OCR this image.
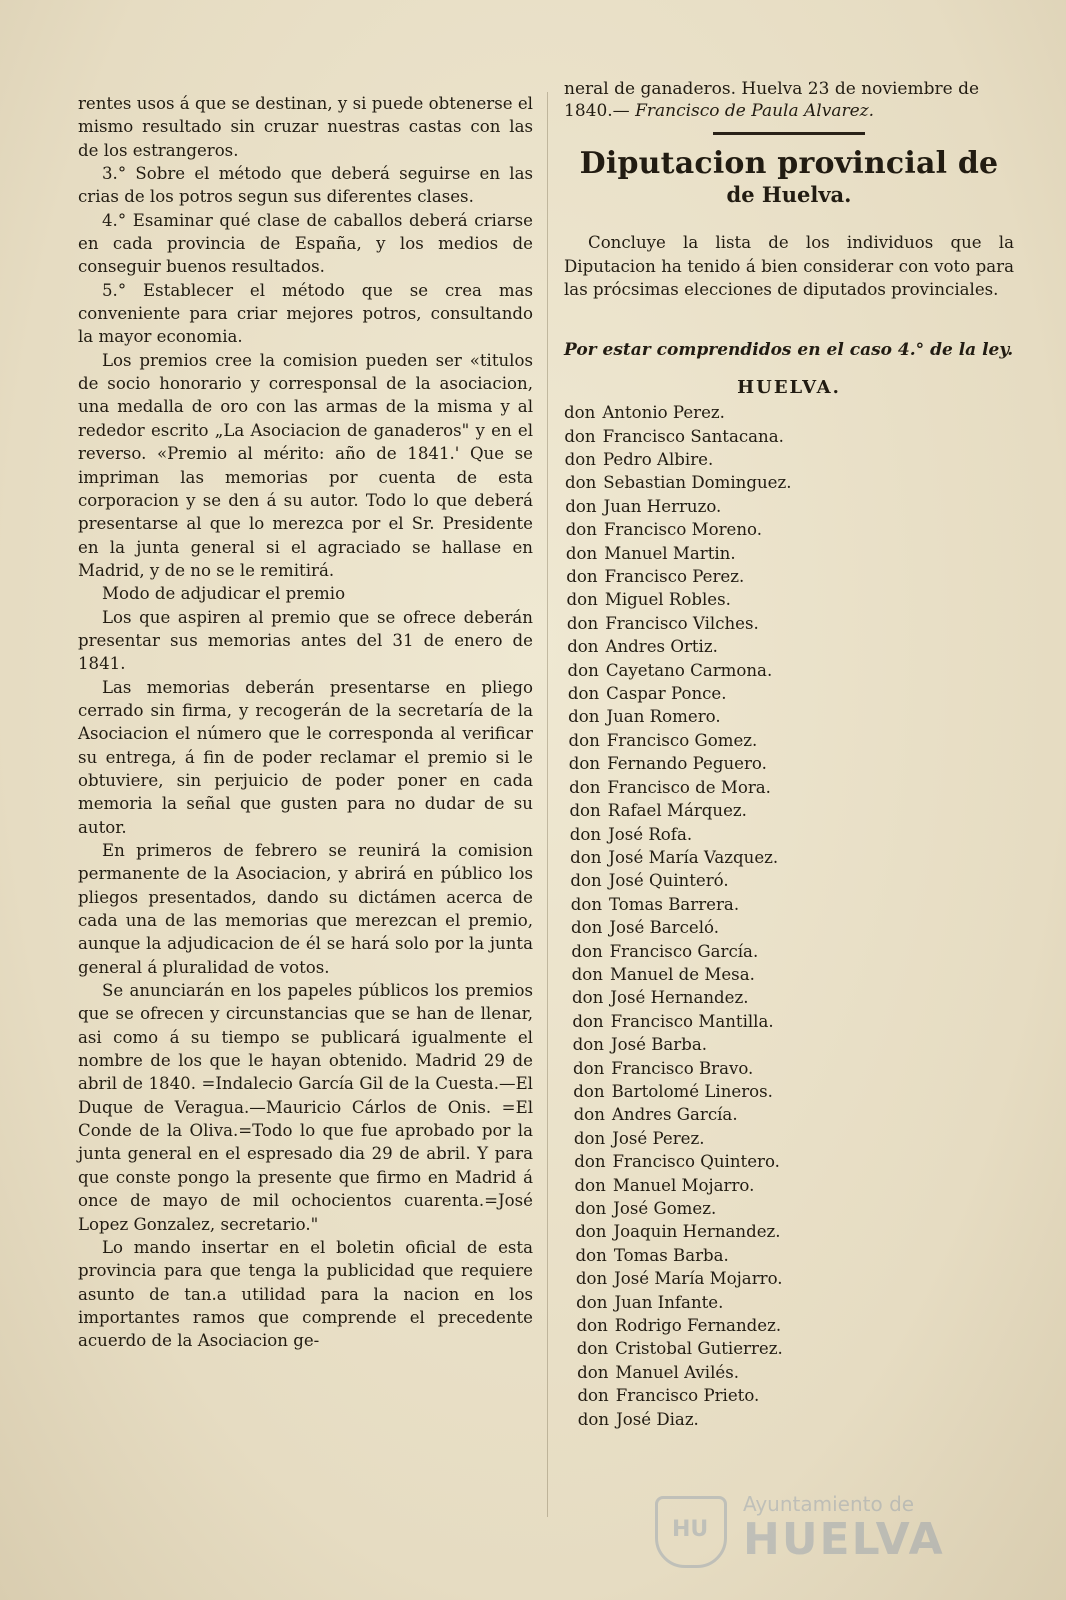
rentes usos á que se destinan, y si puede obtenerse el mismo resultado sin cruzar nuestras castas con las de los estrangeros.

3.° Sobre el método que deberá seguirse en las crias de los potros segun sus diferentes clases.

4.° Esaminar qué clase de caballos deberá criarse en cada provincia de España, y los medios de conseguir buenos resultados.

5.° Establecer el método que se crea mas conveniente para criar mejores potros, consultando la mayor economia.

Los premios cree la comision pueden ser «titulos de socio honorario y corresponsal de la asociacion, una medalla de oro con las armas de la misma y al rededor escrito „La Asociacion de ganaderos" y en el reverso. «Premio al mérito: año de 1841.' Que se impriman las memorias por cuenta de esta corporacion y se den á su autor. Todo lo que deberá presentarse al que lo merezca por el Sr. Presidente en la junta general si el agraciado se hallase en Madrid, y de no se le remitirá.

Modo de adjudicar el premio

Los que aspiren al premio que se ofrece deberán presentar sus memorias antes del 31 de enero de 1841.

Las memorias deberán presentarse en pliego cerrado sin firma, y recogerán de la secretaría de la Asociacion el número que le corresponda al verificar su entrega, á fin de poder reclamar el premio si le obtuviere, sin perjuicio de poder poner en cada memoria la señal que gusten para no dudar de su autor.

En primeros de febrero se reunirá la comision permanente de la Asociacion, y abrirá en público los pliegos presentados, dando su dictámen acerca de cada una de las memorias que merezcan el premio, aunque la adjudicacion de él se hará solo por la junta general á pluralidad de votos.

Se anunciarán en los papeles públicos los premios que se ofrecen y circunstancias que se han de llenar, asi como á su tiempo se publicará igualmente el nombre de los que le hayan obtenido. Madrid 29 de abril de 1840. =Indalecio García Gil de la Cuesta.—El Duque de Veragua.—Mauricio Cárlos de Onis. =El Conde de la Oliva.=Todo lo que fue aprobado por la junta general en el espresado dia 29 de abril. Y para que conste pongo la presente que firmo en Madrid á once de mayo de mil ochocientos cuarenta.=José Lopez Gonzalez, secretario."

Lo mando insertar en el boletin oficial de esta provincia para que tenga la publicidad que requiere asunto de tan.a utilidad para la nacion en los importantes ramos que comprende el precedente acuerdo de la Asociacion ge-

neral de ganaderos. Huelva 23 de noviembre de 1840.— Francisco de Paula Alvarez.

Diputacion provincial de
de Huelva.

Concluye la lista de los individuos que la Diputacion ha tenido á bien considerar con voto para las prócsimas elecciones de diputados provinciales.

Por estar comprendidos en el caso 4.° de la ley.

HUELVA.
don Antonio Perez.
don Francisco Santacana.
don Pedro Albire.
don Sebastian Dominguez.
don Juan Herruzo.
don Francisco Moreno.
don Manuel Martin.
don Francisco Perez.
don Miguel Robles.
don Francisco Vilches.
don Andres Ortiz.
don Cayetano Carmona.
don Caspar Ponce.
don Juan Romero.
don Francisco Gomez.
don Fernando Peguero.
don Francisco de Mora.
don Rafael Márquez.
don José Rofa.
don José María Vazquez.
don José Quinteró.
don Tomas Barrera.
don José Barceló.
don Francisco García.
don Manuel de Mesa.
don José Hernandez.
don Francisco Mantilla.
don José Barba.
don Francisco Bravo.
don Bartolomé Lineros.
don Andres García.
don José Perez.
don Francisco Quintero.
don Manuel Mojarro.
don José Gomez.
don Joaquin Hernandez.
don Tomas Barba.
don José María Mojarro.
don Juan Infante.
don Rodrigo Fernandez.
don Cristobal Gutierrez.
don Manuel Avilés.
don Francisco Prieto.
don José Diaz.
HU
Ayuntamiento de
HUELVA
